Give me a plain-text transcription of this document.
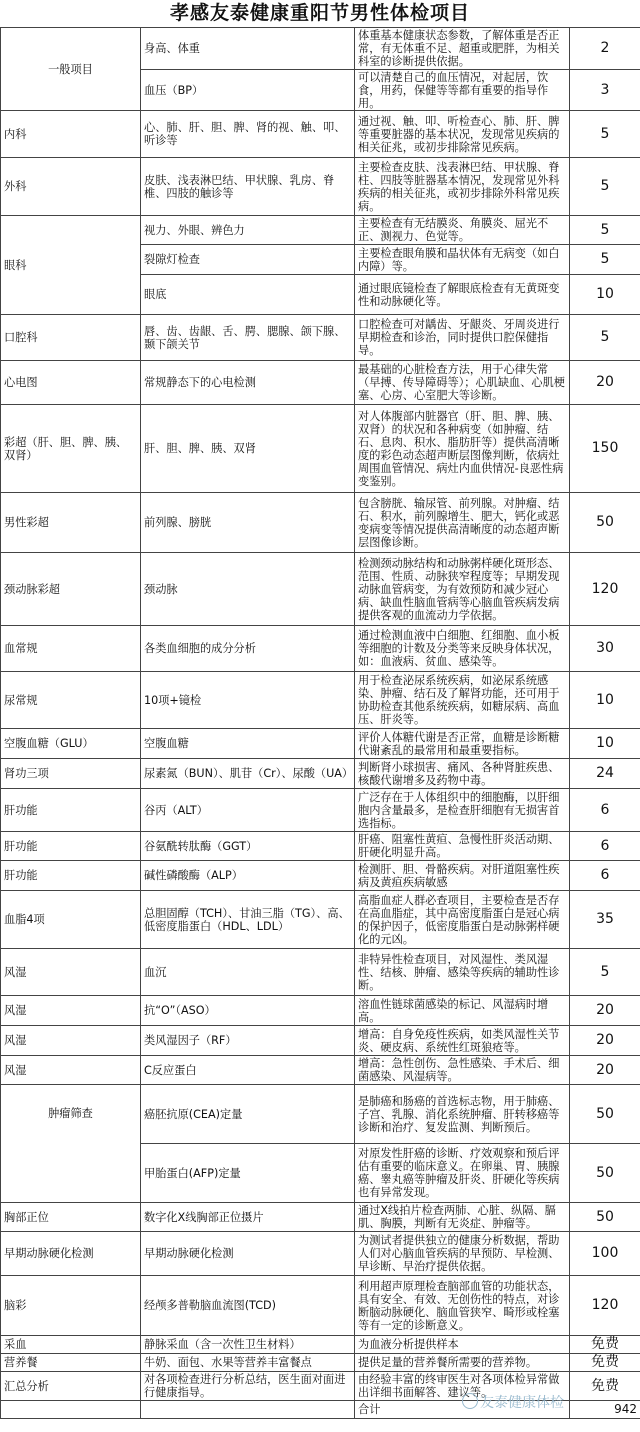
孝感友泰健康重阳节男性体检项目
一般项目	身高、体重	体重基本健康状态参数，了解体重是否正常，有无体重不足、超重或肥胖，为相关科室的诊断提供依据。	2
	血压（BP）	可以清楚自己的血压情况，对起居，饮食，用药，保健等等都有重要的指导作用。	3
内科	心、肺、肝、胆、脾、肾的视、触、叩、听诊等	通过视、触、叩、听检查心、肺、肝、脾等重要脏器的基本状况，发现常见疾病的相关征兆，或初步排除常见疾病。	5
外科	皮肤、浅表淋巴结、甲状腺、乳房、脊椎、四肢的触诊等	主要检查皮肤、浅表淋巴结、甲状腺、脊柱、四肢等脏器基本情况，发现常见外科疾病的相关征兆，或初步排除外科常见疾病。	5
眼科	视力、外眼、辨色力	主要检查有无结膜炎、角膜炎、屈光不正、测视力、色觉等。	5
	裂隙灯检查	主要检查眼角膜和晶状体有无病变（如白内障）等。	5
	眼底	通过眼底镜检查了解眼底检查有无黄斑变性和动脉硬化等。	10
口腔科	唇、齿、齿龈、舌、腭、腮腺、颌下腺、颞下颌关节	口腔检查可对龋齿、牙龈炎、牙周炎进行早期检查和诊治，同时提供口腔保健指导。	5
心电图	常规静态下的心电检测	最基础的心脏检查方法，用于心律失常（早搏、传导障碍等）；心肌缺血、心肌梗塞、心房、心室肥大等诊断。	20
彩超（肝、胆、脾、胰、双肾）	肝、胆、脾、胰、双肾	对人体腹部内脏器官（肝、胆、脾、胰、双肾）的状况和各种病变（如肿瘤、结石、息肉、积水、脂肪肝等）提供高清晰度的彩色动态超声断层图像判断，依病灶周围血管情况、病灶内血供情况-良恶性病变鉴别。	150
男性彩超	前列腺、膀胱	包含膀胱、输尿管、前列腺。对肿瘤、结石、积水，前列腺增生、肥大，钙化或恶变病变等情况提供高清晰度的动态超声断层图像诊断。	50
颈动脉彩超	颈动脉	检测颈动脉结构和动脉粥样硬化斑形态、范围、性质、动脉狭窄程度等；早期发现动脉血管病变，为有效预防和减少冠心病、缺血性脑血管病等心脑血管疾病发病提供客观的血流动力学依据。	120
血常规	各类血细胞的成分分析	通过检测血液中白细胞、红细胞、血小板等细胞的计数及分类等来反映身体状况，如：血液病、贫血、感染等。	30
尿常规	10项+镜检	用于检查泌尿系统疾病，如泌尿系统感染、肿瘤、结石及了解肾功能，还可用于协助检查其他系统疾病，如糖尿病、高血压、肝炎等。	10
空腹血糖（GLU）	空腹血糖	评价人体糖代谢是否正常，血糖是诊断糖代谢紊乱的最常用和最重要指标。	10
肾功三项	尿素氮（BUN）、肌苷（Cr）、尿酸（UA）	判断肾小球损害、痛风、各种肾脏疾患、核酸代谢增多及药物中毒。	24
肝功能	谷丙（ALT）	广泛存在于人体组织中的细胞酶，以肝细胞内含量最多，是检查肝细胞有无损害首选指标。	6
肝功能	谷氨酰转肽酶（GGT）	肝癌、阻塞性黄疸、急慢性肝炎活动期、肝硬化明显升高。	6
肝功能	碱性磷酸酶（ALP）	检测肝、胆、骨骼疾病。对肝道阻塞性疾病及黄疸疾病敏感	6
血脂4项	总胆固醇（TCH）、甘油三脂（TG）、高、低密度脂蛋白（HDL、LDL）	高脂血症人群必查项目，主要检查是否存在高血脂症，其中高密度脂蛋白是冠心病的保护因子，低密度脂蛋白是动脉粥样硬化的元凶。	35
风湿	血沉	非特异性检查项目，对风湿性、类风湿性、结核、肿瘤、感染等疾病的辅助性诊断。	5
风湿	抗“O”（ASO）	溶血性链球菌感染的标记、风湿病时增高。	20
风湿	类风湿因子（RF）	增高：自身免疫性疾病，如类风湿性关节炎、硬皮病、系统性红斑狼疮等。	20
风湿	C反应蛋白	增高：急性创伤、急性感染、手术后、细菌感染、风湿病等。	20
肿瘤筛查	癌胚抗原(CEA)定量	是肺癌和肠癌的首选标志物，用于肺癌、子宫、乳腺、消化系统肿瘤、肝转移癌等诊断和治疗、复发监测、判断预后。	50
	甲胎蛋白(AFP)定量	对原发性肝癌的诊断、疗效观察和预后评估有重要的临床意义。在卵巢、胃、胰腺癌、睾丸癌等肿瘤及肝炎、肝硬化等疾病也有异常发现。	50
胸部正位	数字化X线胸部正位摄片	通过X线拍片检查两肺、心脏、纵隔、膈肌、胸膜，判断有无炎症、肿瘤等。	50
早期动脉硬化检测	早期动脉硬化检测	为测试者提供独立的健康分析数据，帮助人们对心脑血管疾病的早预防、早检测、早诊断、早治疗提供依据。	100
脑彩	经颅多普勒脑血流图(TCD)	利用超声原理检查脑部血管的功能状态，具有安全、有效、无创伤性的特点，对诊断脑动脉硬化、脑血管狭窄、畸形或栓塞等有一定的诊断意义。	120
采血	静脉采血（含一次性卫生材料）	为血液分析提供样本	免费
营养餐	牛奶、面包、水果等营养丰富餐点	提供足量的营养餐所需要的营养物。	免费
汇总分析	对各项检查进行分析总结，医生面对面进行健康指导。	由经验丰富的终审医生对各项体检异常做出详细书面解答、建议等。	免费
		合计	942
友泰健康体检
